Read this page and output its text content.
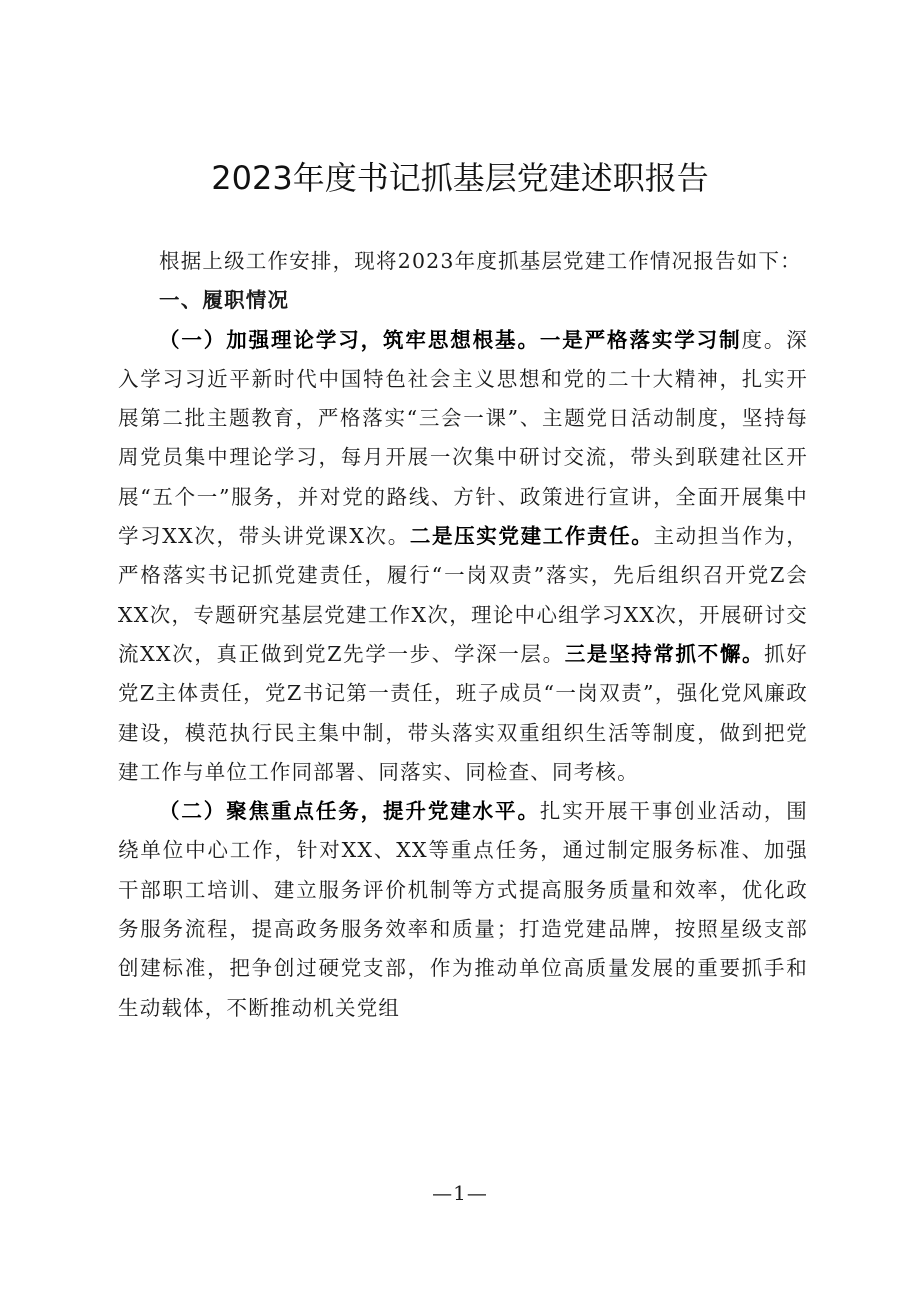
2023年度书记抓基层党建述职报告

根据上级工作安排，现将2023年度抓基层党建工作情况报告如下：

一、履职情况

（一）加强理论学习，筑牢思想根基。一是严格落实学习制度。深入学习习近平新时代中国特色社会主义思想和党的二十大精神，扎实开展第二批主题教育，严格落实“三会一课”、主题党日活动制度，坚持每周党员集中理论学习，每月开展一次集中研讨交流，带头到联建社区开展“五个一”服务，并对党的路线、方针、政策进行宣讲，全面开展集中学习XX次，带头讲党课X次。二是压实党建工作责任。主动担当作为，严格落实书记抓党建责任，履行“一岗双责”落实，先后组织召开党Z会XX次，专题研究基层党建工作X次，理论中心组学习XX次，开展研讨交流XX次，真正做到党Z先学一步、学深一层。三是坚持常抓不懈。抓好党Z主体责任，党Z书记第一责任，班子成员“一岗双责”，强化党风廉政建设，模范执行民主集中制，带头落实双重组织生活等制度，做到把党建工作与单位工作同部署、同落实、同检查、同考核。

（二）聚焦重点任务，提升党建水平。扎实开展干事创业活动，围绕单位中心工作，针对XX、XX等重点任务，通过制定服务标准、加强干部职工培训、建立服务评价机制等方式提高服务质量和效率，优化政务服务流程，提高政务服务效率和质量；打造党建品牌，按照星级支部创建标准，把争创过硬党支部，作为推动单位高质量发展的重要抓手和生动载体，不断推动机关党组

—1—
